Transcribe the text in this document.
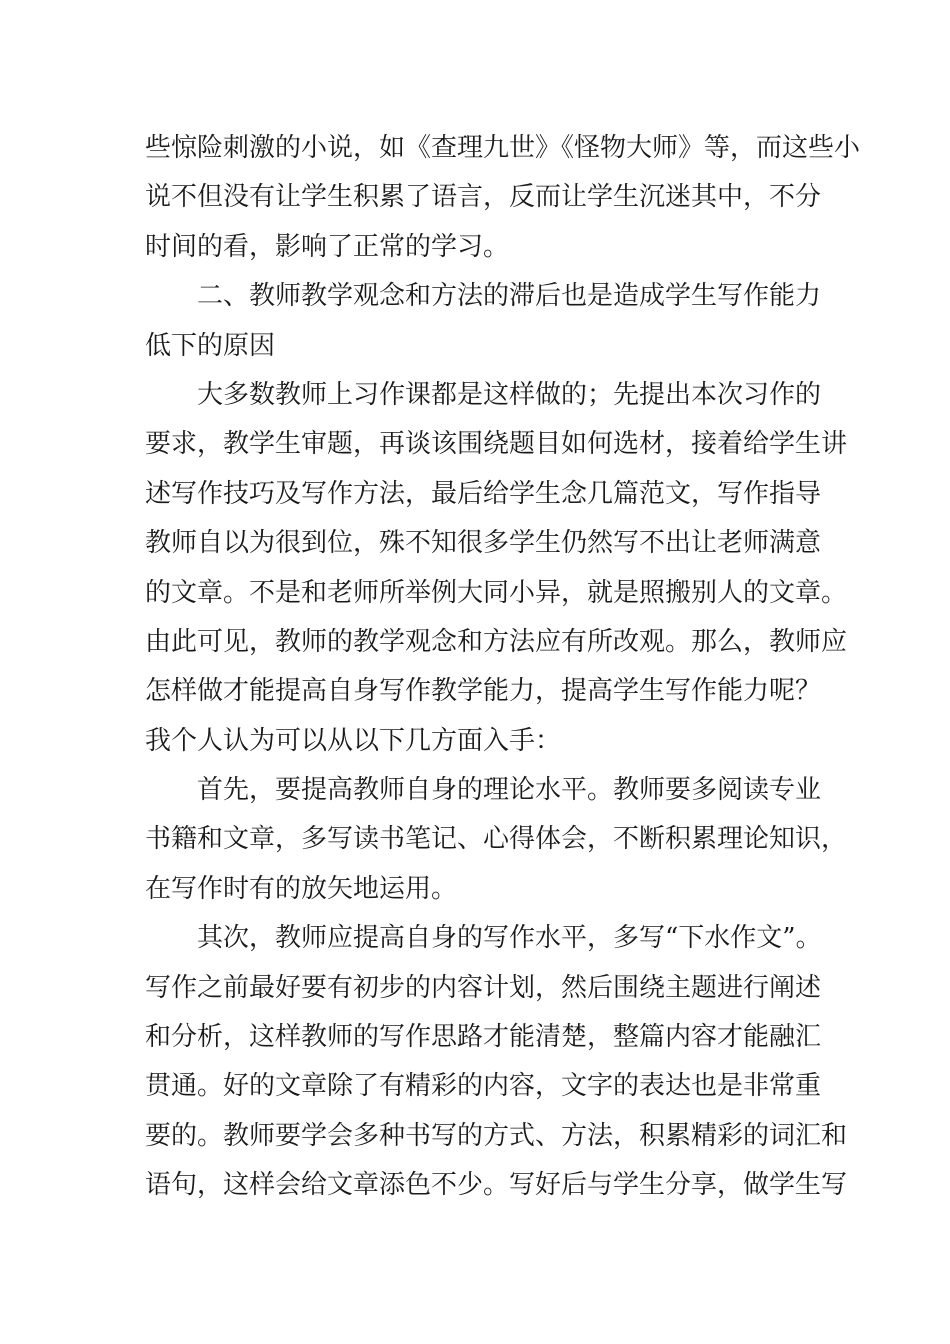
些惊险刺激的小说，如《查理九世》《怪物大师》等，而这些小
说不但没有让学生积累了语言，反而让学生沉迷其中，不分
时间的看，影响了正常的学习。
二、教师教学观念和方法的滞后也是造成学生写作能力
低下的原因
大多数教师上习作课都是这样做的；先提出本次习作的
要求，教学生审题，再谈该围绕题目如何选材，接着给学生讲
述写作技巧及写作方法，最后给学生念几篇范文，写作指导
教师自以为很到位，殊不知很多学生仍然写不出让老师满意
的文章。不是和老师所举例大同小异，就是照搬别人的文章。
由此可见，教师的教学观念和方法应有所改观。那么，教师应
怎样做才能提高自身写作教学能力，提高学生写作能力呢？
我个人认为可以从以下几方面入手：
首先，要提高教师自身的理论水平。教师要多阅读专业
书籍和文章，多写读书笔记、心得体会，不断积累理论知识，
在写作时有的放矢地运用。
其次，教师应提高自身的写作水平，多写“下水作文”。
写作之前最好要有初步的内容计划，然后围绕主题进行阐述
和分析，这样教师的写作思路才能清楚，整篇内容才能融汇
贯通。好的文章除了有精彩的内容，文字的表达也是非常重
要的。教师要学会多种书写的方式、方法，积累精彩的词汇和
语句，这样会给文章添色不少。写好后与学生分享，做学生写
